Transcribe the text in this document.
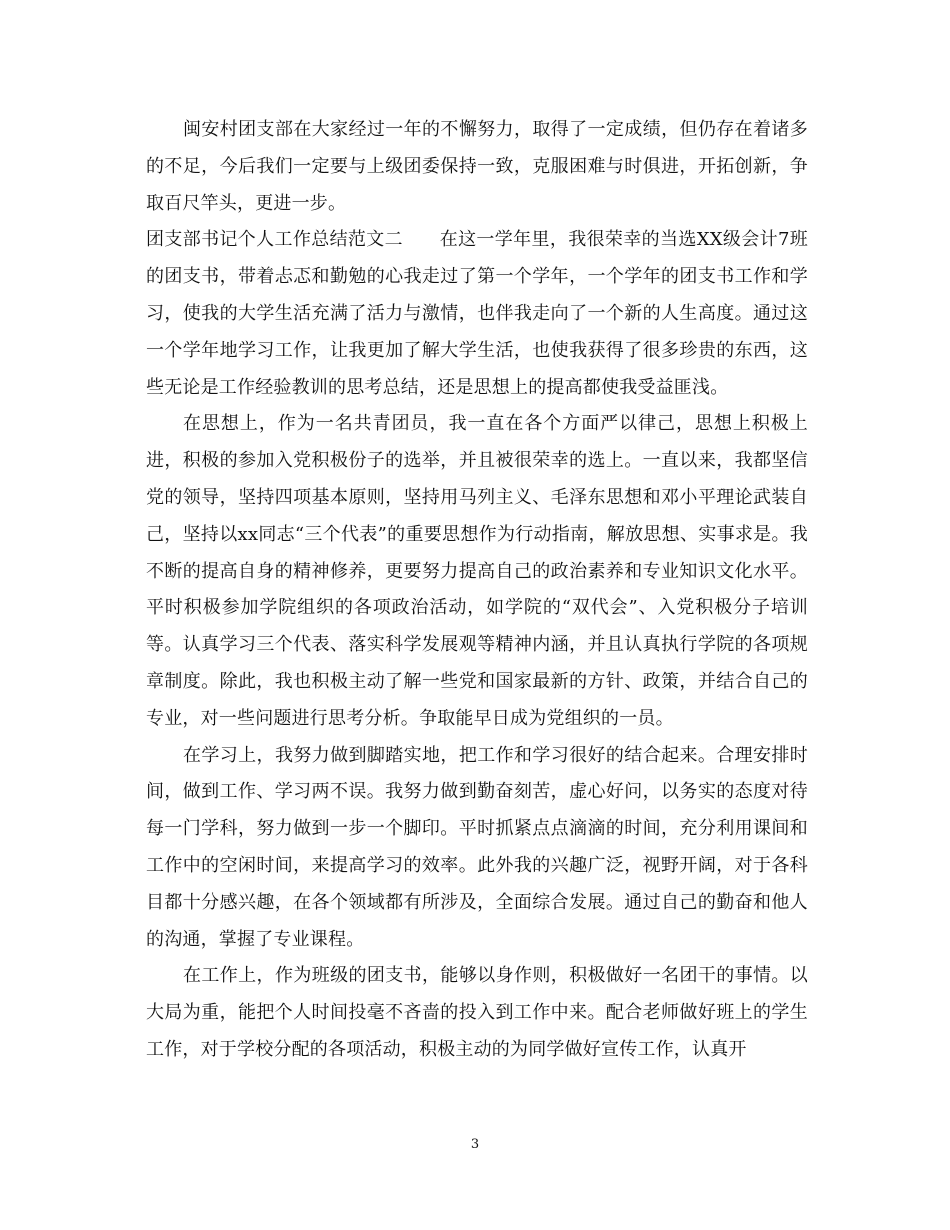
闽安村团支部在大家经过一年的不懈努力，取得了一定成绩，但仍存在着诸多的不足，今后我们一定要与上级团委保持一致，克服困难与时俱进，开拓创新，争取百尺竿头，更进一步。

团支部书记个人工作总结范文二　　在这一学年里，我很荣幸的当选XX级会计7班的团支书，带着忐忑和勤勉的心我走过了第一个学年，一个学年的团支书工作和学习，使我的大学生活充满了活力与激情，也伴我走向了一个新的人生高度。通过这一个学年地学习工作，让我更加了解大学生活，也使我获得了很多珍贵的东西，这些无论是工作经验教训的思考总结，还是思想上的提高都使我受益匪浅。

在思想上，作为一名共青团员，我一直在各个方面严以律己，思想上积极上进，积极的参加入党积极份子的选举，并且被很荣幸的选上。一直以来，我都坚信党的领导，坚持四项基本原则，坚持用马列主义、毛泽东思想和邓小平理论武装自己，坚持以xx同志“三个代表”的重要思想作为行动指南，解放思想、实事求是。我不断的提高自身的精神修养，更要努力提高自己的政治素养和专业知识文化水平。平时积极参加学院组织的各项政治活动，如学院的“双代会”、入党积极分子培训等。认真学习三个代表、落实科学发展观等精神内涵，并且认真执行学院的各项规章制度。除此，我也积极主动了解一些党和国家最新的方针、政策，并结合自己的专业，对一些问题进行思考分析。争取能早日成为党组织的一员。

在学习上，我努力做到脚踏实地，把工作和学习很好的结合起来。合理安排时间，做到工作、学习两不误。我努力做到勤奋刻苦，虚心好问，以务实的态度对待每一门学科，努力做到一步一个脚印。平时抓紧点点滴滴的时间，充分利用课间和工作中的空闲时间，来提高学习的效率。此外我的兴趣广泛，视野开阔，对于各科目都十分感兴趣，在各个领域都有所涉及，全面综合发展。通过自己的勤奋和他人的沟通，掌握了专业课程。

在工作上，作为班级的团支书，能够以身作则，积极做好一名团干的事情。以大局为重，能把个人时间投毫不吝啬的投入到工作中来。配合老师做好班上的学生工作，对于学校分配的各项活动，积极主动的为同学做好宣传工作，认真开

3
